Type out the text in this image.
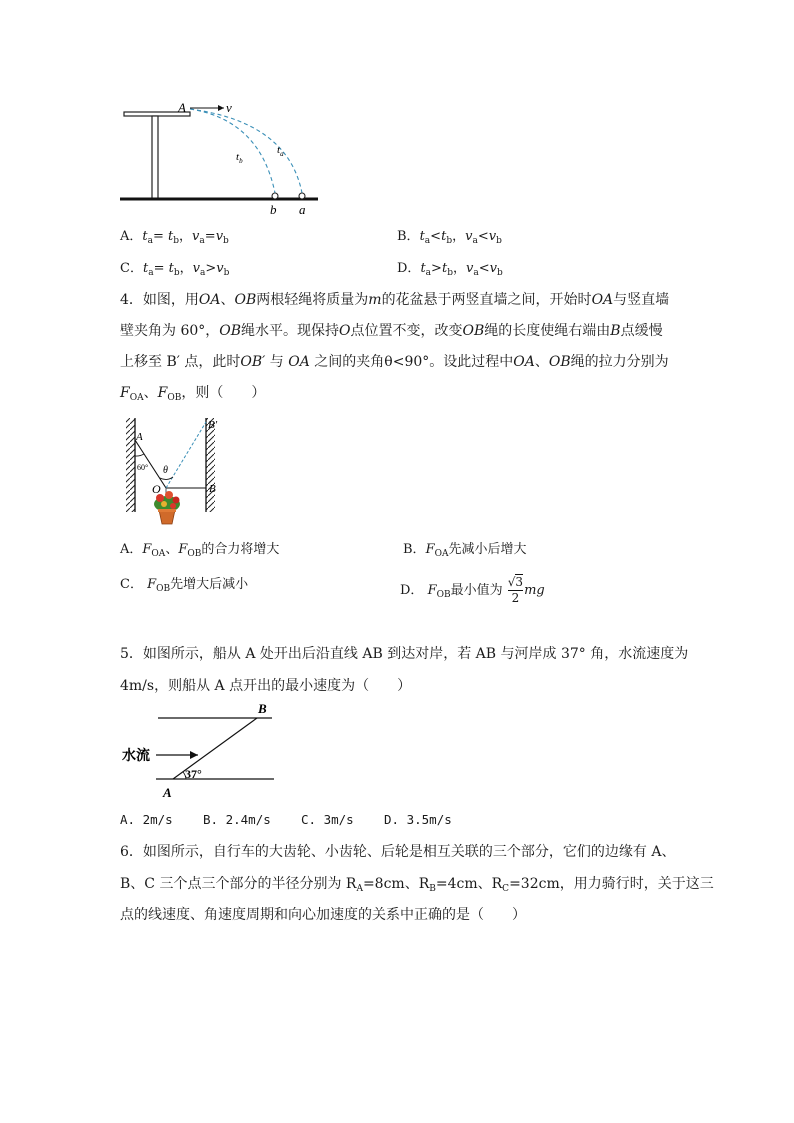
A	v
$t_a$
$t_b$
b a
A．$t_a= t_b$，$v_a=v_b$	B．$t_a<t_b$，$v_a<v_b$
C．$t_a= t_b$，$v_a>v_b$	D．$t_a>t_b$，$v_a<v_b$
4．如图，用OA、OB两根轻绳将质量为m的花盆悬于两竖直墙之间，开始时OA与竖直墙
壁夹角为 60°，OB绳水平。现保持O点位置不变，改变OB绳的长度使绳右端由B点缓慢
上移至 B′ 点，此时OB′ 与 OA 之间的夹角θ<90°。设此过程中OA、OB绳的拉力分别为
$F_{OA}$、$F_{OB}$，则（　　）
A
B′
B
O
60° θ
A．$F_{OA}$、$F_{OB}$的合力将增大	B．$F_{OA}$先减小后增大
C． $F_{OB}$先增大后减小	D． $F_{OB}$最小值为 $\frac{√3}{2}$ mg
5．如图所示，船从 A 处开出后沿直线 AB 到达对岸，若 AB 与河岸成 37° 角，水流速度为
4m/s，则船从 A 点开出的最小速度为（　　）
水流
A
B
37°
A. 2m/s B. 2.4m/s C. 3m/s D. 3.5m/s
6．如图所示，自行车的大齿轮、小齿轮、后轮是相互关联的三个部分，它们的边缘有 A、
B、C 三个点三个部分的半径分别为 $R_A=8cm$、$R_B=4cm$、$R_C=32cm$，用力骑行时，关于这三
点的线速度、角速度周期和向心加速度的关系中正确的是（　　）
